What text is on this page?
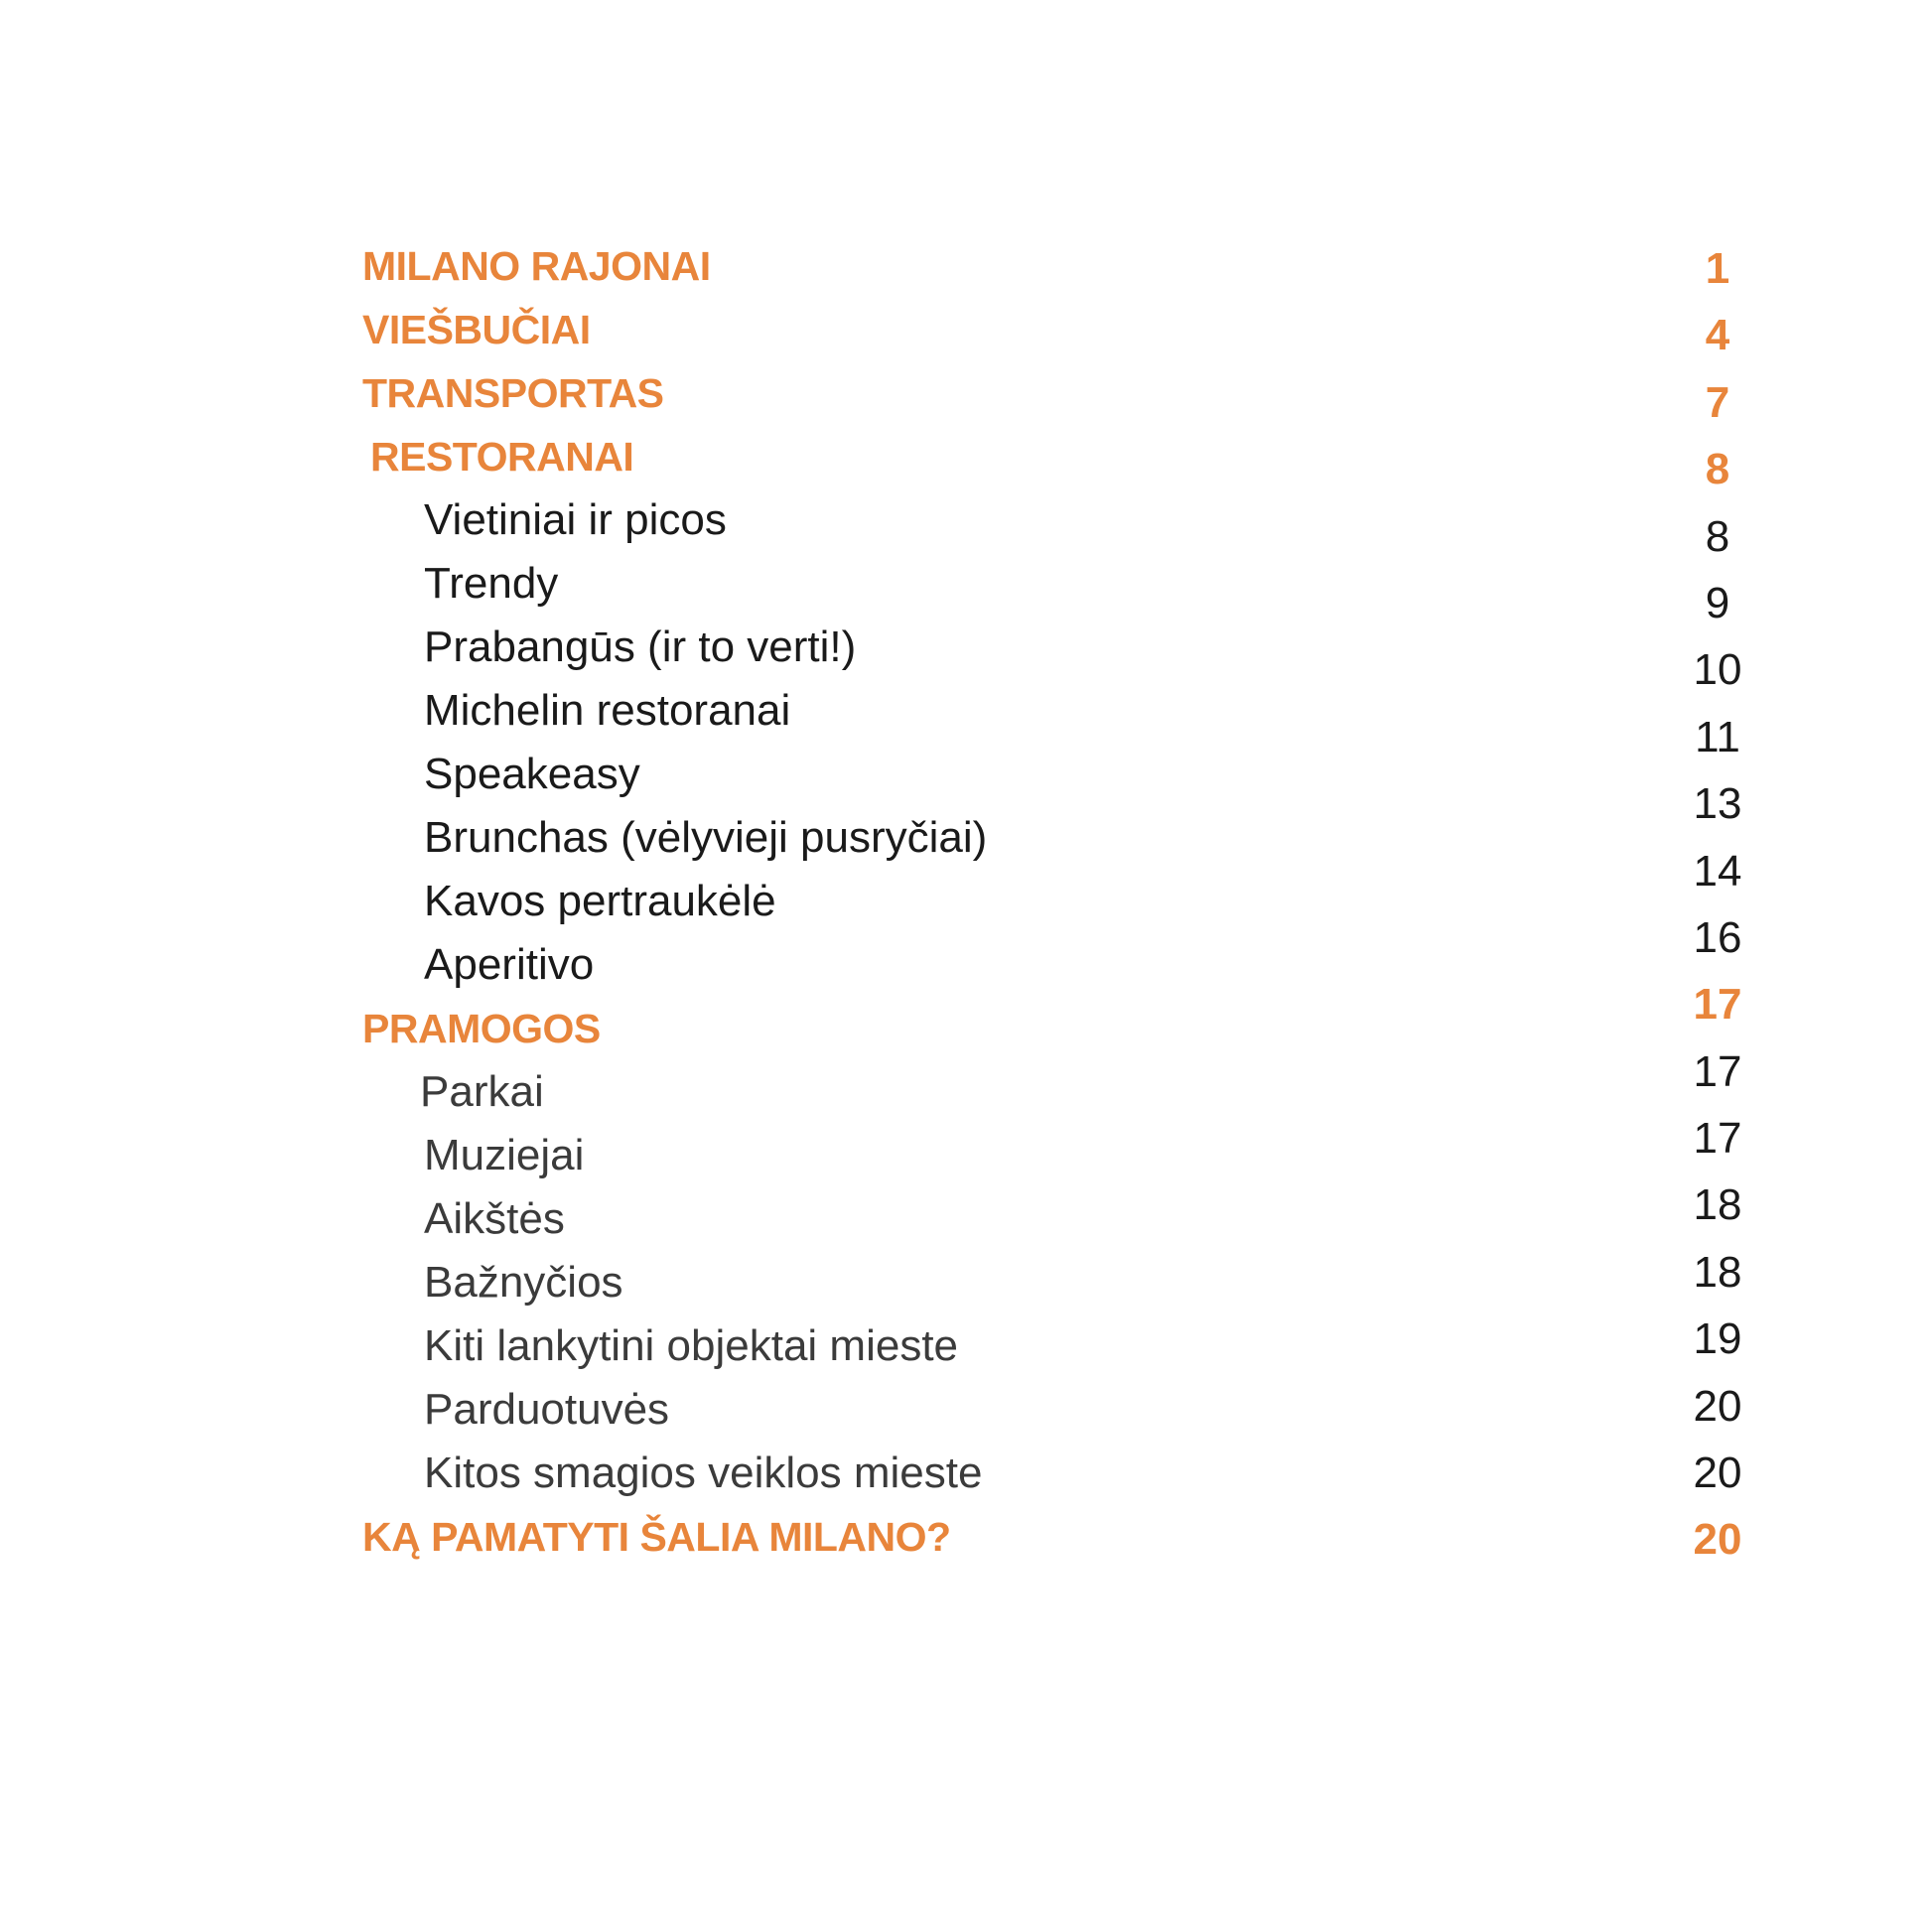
MILANO RAJONAI
VIEŠBUČIAI
TRANSPORTAS
RESTORANAI
Vietiniai ir picos
Trendy
Prabangūs (ir to verti!)
Michelin restoranai
Speakeasy
Brunchas (vėlyvieji pusryčiai)
Kavos pertraukėlė
Aperitivo
PRAMOGOS
Parkai
Muziejai
Aikštės
Bažnyčios
Kiti lankytini objektai mieste
Parduotuvės
Kitos smagios veiklos mieste
KĄ PAMATYTI ŠALIA MILANO?
1
4
7
8
8
9
10
11
13
14
16
17
17
17
18
18
19
20
20
20
